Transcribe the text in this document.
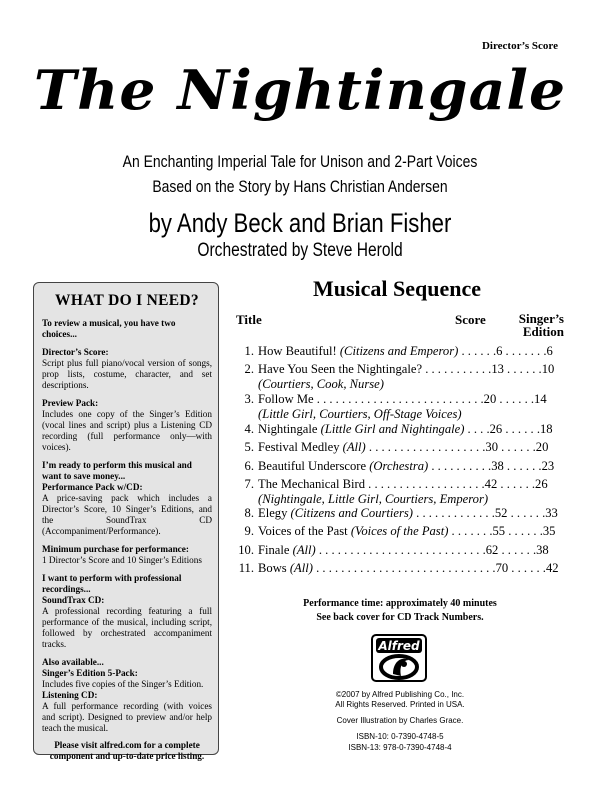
Director’s Score
The Nightingale
An Enchanting Imperial Tale for Unison and 2-Part Voices
Based on the Story by Hans Christian Andersen
by Andy Beck and Brian Fisher
Orchestrated by Steve Herold
WHAT DO I NEED?
To review a musical, you have two choices...
Director’s Score:

Script plus full piano/vocal version of songs, prop lists, costume, character, and set descriptions.

Preview Pack:

Includes one copy of the Singer’s Edition (vocal lines and script) plus a Listening CD recording (full performance only—with voices).

I’m ready to perform this musical and want to save money...
Performance Pack w/CD:

A price-saving pack which includes a Director’s Score, 10 Singer’s Editions, and the SoundTrax CD (Accompaniment/Performance).

Minimum purchase for performance:

1 Director’s Score and 10 Singer’s Editions

I want to perform with professional recordings...
SoundTrax CD:

A professional recording featuring a full performance of the musical, including script, followed by orchestrated accompaniment tracks.

Also available...
Singer’s Edition 5-Pack:

Includes five copies of the Singer’s Edition.

Listening CD:

A full performance recording (with voices and script). Designed to preview and/or help teach the musical.

Please visit alfred.com for a complete component and up-to-date price listing.
Musical Sequence
Title	Score	Singer’s Edition
1. How Beautiful! (Citizens and Emperor) . . . . . .6 . . . . . . .6
2. Have You Seen the Nightingale? . . . . . . . . . . .13 . . . . . .10
(Courtiers, Cook, Nurse)
3. Follow Me . . . . . . . . . . . . . . . . . . . . . . . . . . .20 . . . . . .14
(Little Girl, Courtiers, Off-Stage Voices)
4. Nightingale (Little Girl and Nightingale) . . . .26 . . . . . .18
5. Festival Medley (All) . . . . . . . . . . . . . . . . . . .30 . . . . . .20
6. Beautiful Underscore (Orchestra) . . . . . . . . . .38 . . . . . .23
7. The Mechanical Bird . . . . . . . . . . . . . . . . . . .42 . . . . . .26
(Nightingale, Little Girl, Courtiers, Emperor)
8. Elegy (Citizens and Courtiers) . . . . . . . . . . . . .52 . . . . . .33
9. Voices of the Past (Voices of the Past) . . . . . . .55 . . . . . .35
10. Finale (All) . . . . . . . . . . . . . . . . . . . . . . . . . . .62 . . . . . .38
11. Bows (All) . . . . . . . . . . . . . . . . . . . . . . . . . . . . .70 . . . . . .42
Performance time: approximately 40 minutes
See back cover for CD Track Numbers.
Alfred
©2007 by Alfred Publishing Co., Inc.
All Rights Reserved. Printed in USA.
Cover Illustration by Charles Grace.
ISBN-10: 0-7390-4748-5
ISBN-13: 978-0-7390-4748-4
